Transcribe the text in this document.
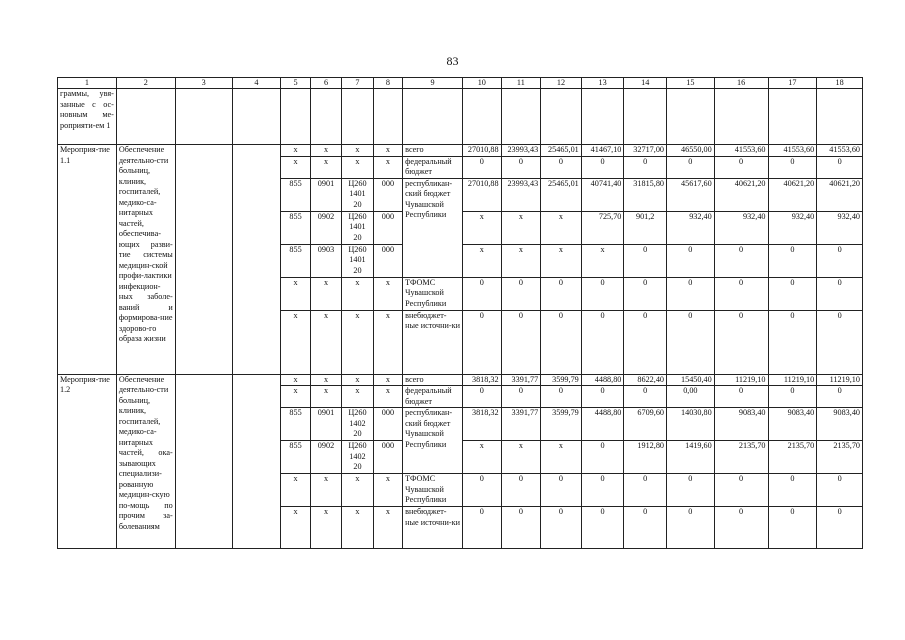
83
1	2	3	4	5	6	7	8	9	10	11	12	13	14	15	16	17	18
граммы, увя-занные с ос-новным ме-роприяти-ем 1																	
Мероприя-тие 1.1	Обеспечение деятельно-сти больниц, клиник, госпиталей, медико-са-нитарных частей, обеспечива-ющих разви-тие системы медицин-ской профи-лактики инфекцион-ных заболе-ваний и формирова-ние здорово-го образа жизни			х	х	х	х	всего	27010,88	23993,43	25465,01	41467,10	32717,00	46550,00	41553,60	41553,60	41553,60
				х	х	х	х	федеральный бюджет	0	0	0	0	0	0	0	0	0
				855	0901	Ц260 1401 20	000	республикан-ский бюджет Чувашской Республики	27010,88	23993,43	25465,01	40741,40	31815,80	45617,60	40621,20	40621,20	40621,20
				855	0902	Ц260 1401 20	000		х	х	х	725,70	901,2	932,40	932,40	932,40	932,40
				855	0903	Ц260 1401 20	000		х	х	х	х	0	0	0	0	0
				х	х	х	х	ТФОМС Чувашской Республики	0	0	0	0	0	0	0	0	0
				х	х	х	х	внебюджет-ные источни-ки	0	0	0	0	0	0	0	0	0
Мероприя-тие 1.2	Обеспечение деятельно-сти больниц, клиник, госпиталей, медико-са-нитарных частей, ока-зывающих специализи-рованную медицин-скую по-мощь по прочим за-болеваниям			х	х	х	х	всего	3818,32	3391,77	3599,79	4488,80	8622,40	15450,40	11219,10	11219,10	11219,10
				х	х	х	х	федеральный бюджет	0	0	0	0	0	0,00	0	0	0
				855	0901	Ц260 1402 20	000	республикан-ский бюджет Чувашской Республики	3818,32	3391,77	3599,79	4488,80	6709,60	14030,80	9083,40	9083,40	9083,40
				855	0902	Ц260 1402 20	000		х	х	х	0	1912,80	1419,60	2135,70	2135,70	2135,70
				х	х	х	х	ТФОМС Чувашской Республики	0	0	0	0	0	0	0	0	0
				х	х	х	х	внебюджет-ные источни-ки	0	0	0	0	0	0	0	0	0
